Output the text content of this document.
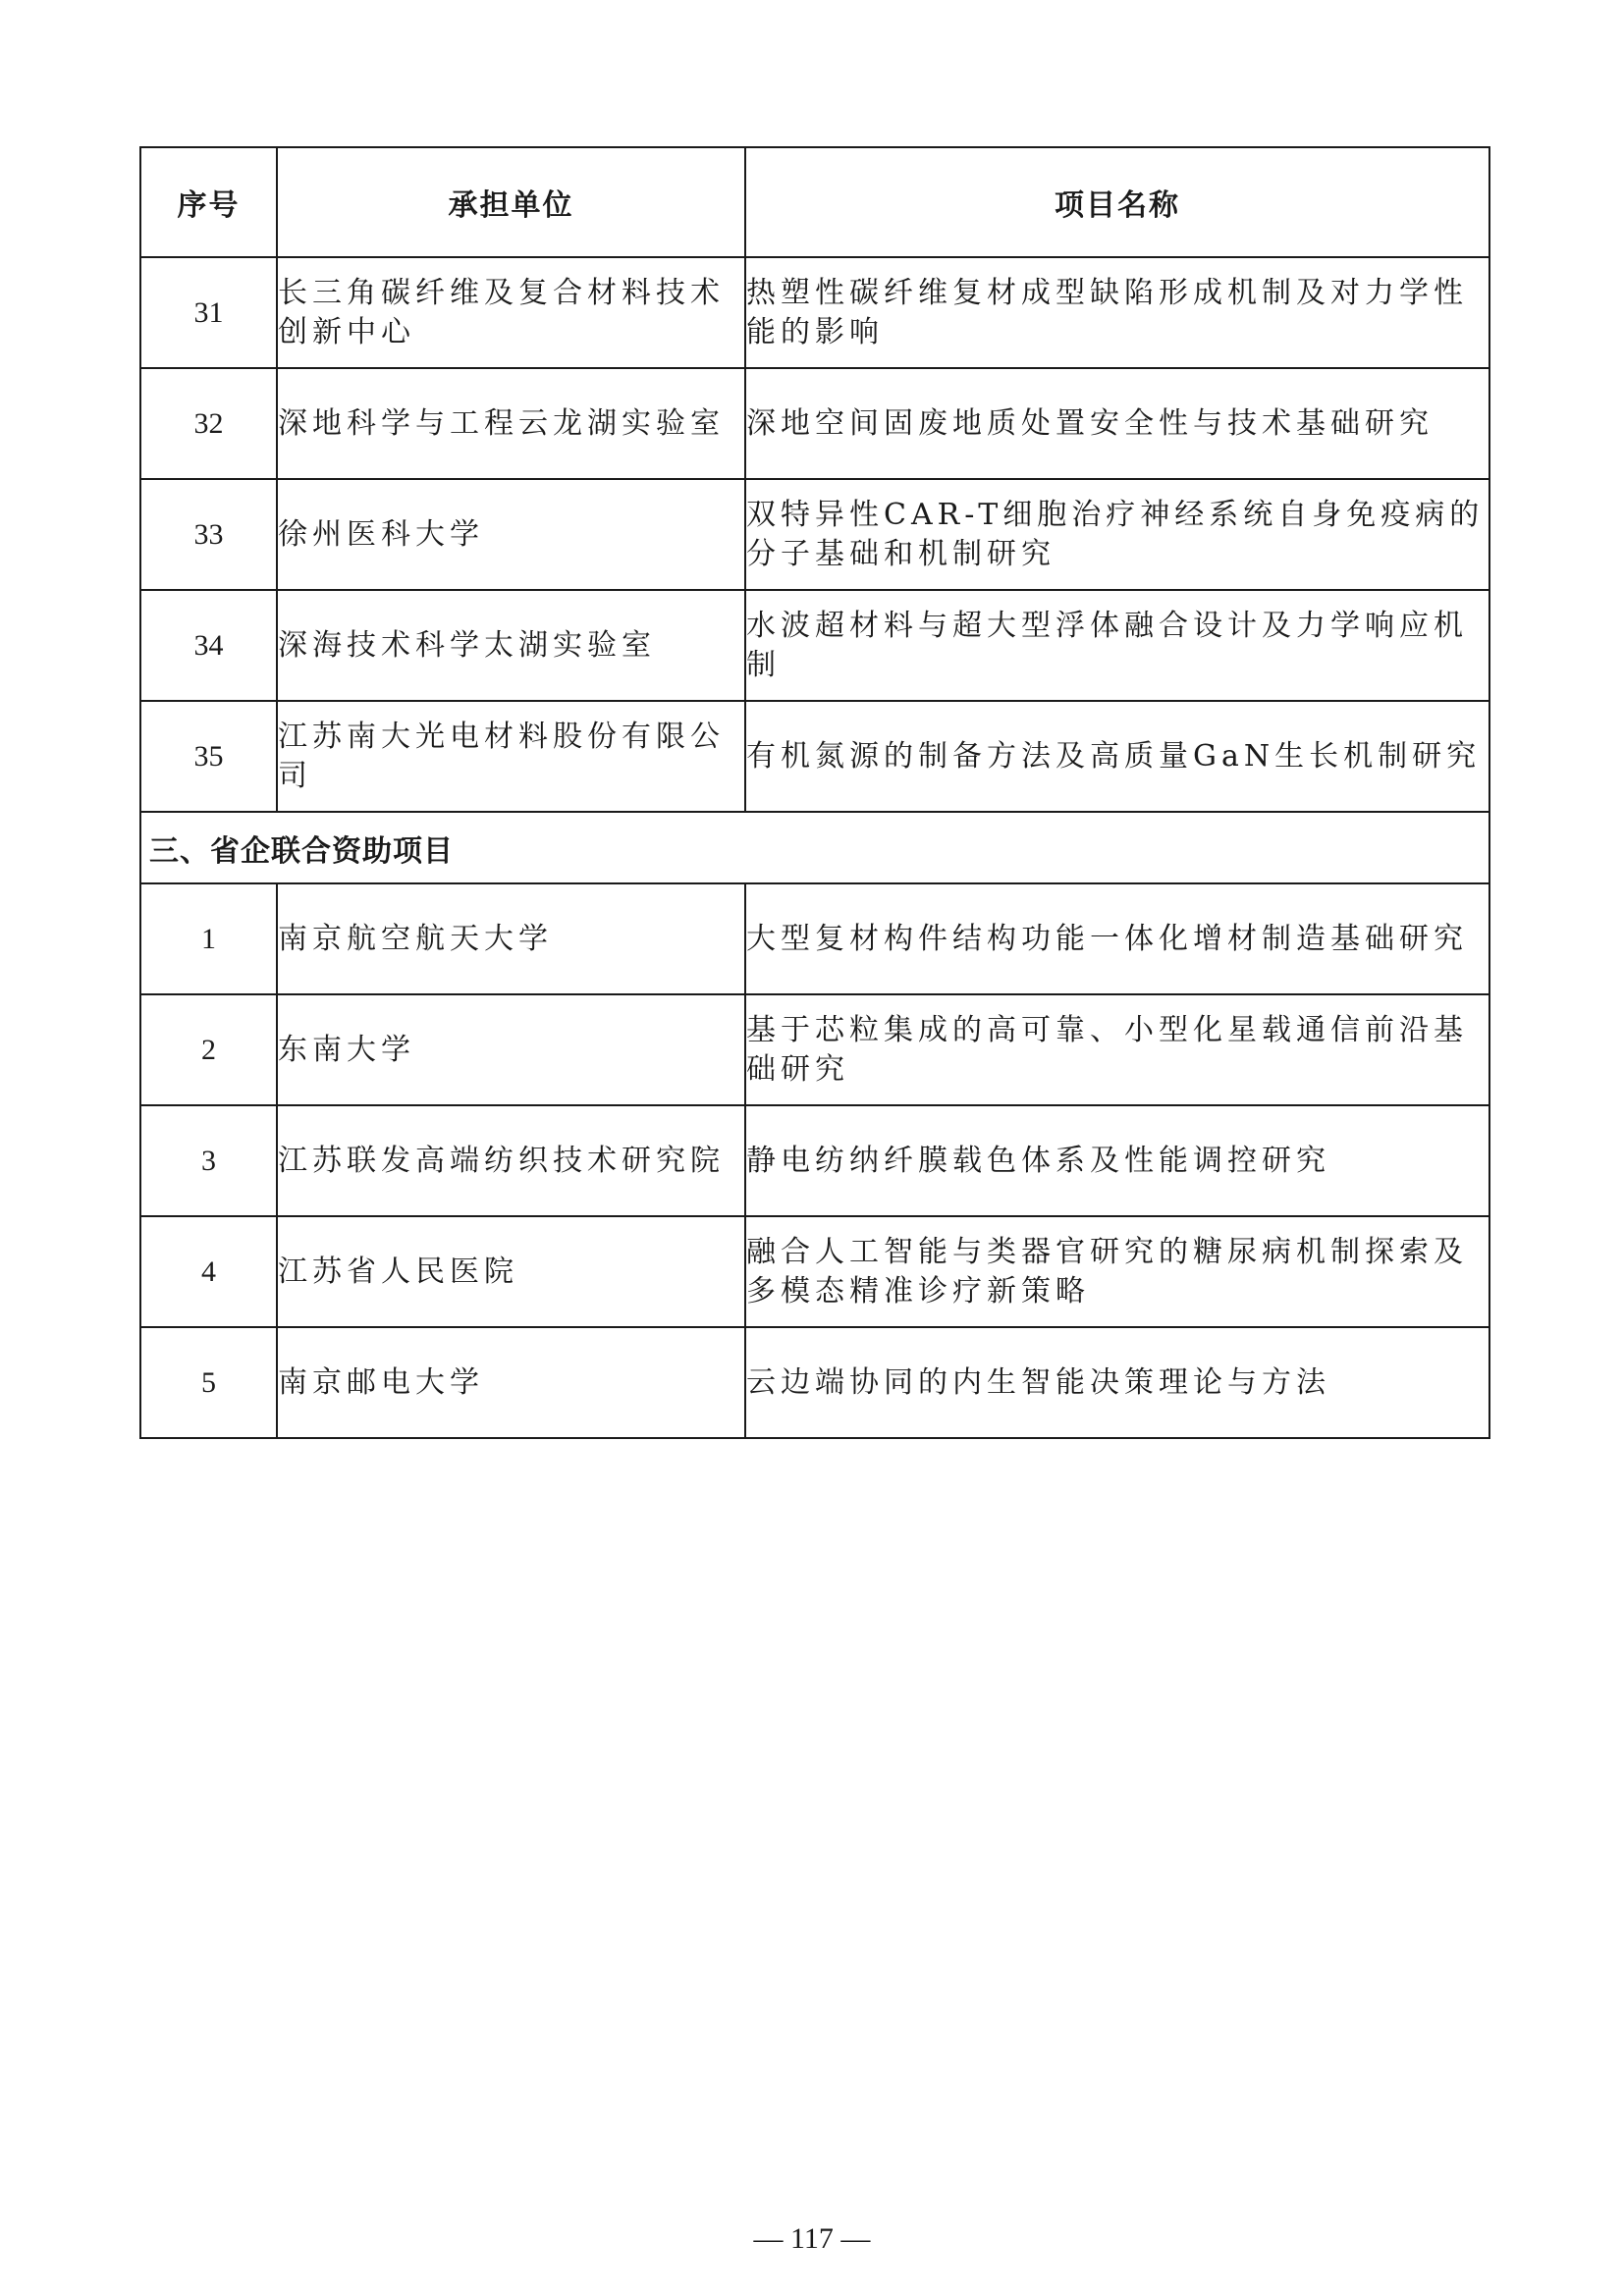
序号	承担单位	项目名称
31	长三角碳纤维及复合材料技术创新中心	热塑性碳纤维复材成型缺陷形成机制及对力学性能的影响
32	深地科学与工程云龙湖实验室	深地空间固废地质处置安全性与技术基础研究
33	徐州医科大学	双特异性CAR-T细胞治疗神经系统自身免疫病的分子基础和机制研究
34	深海技术科学太湖实验室	水波超材料与超大型浮体融合设计及力学响应机制
35	江苏南大光电材料股份有限公司	有机氮源的制备方法及高质量GaN生长机制研究
三、省企联合资助项目		
1	南京航空航天大学	大型复材构件结构功能一体化增材制造基础研究
2	东南大学	基于芯粒集成的高可靠、小型化星载通信前沿基础研究
3	江苏联发高端纺织技术研究院	静电纺纳纤膜载色体系及性能调控研究
4	江苏省人民医院	融合人工智能与类器官研究的糖尿病机制探索及多模态精准诊疗新策略
5	南京邮电大学	云边端协同的内生智能决策理论与方法
— 117 —
